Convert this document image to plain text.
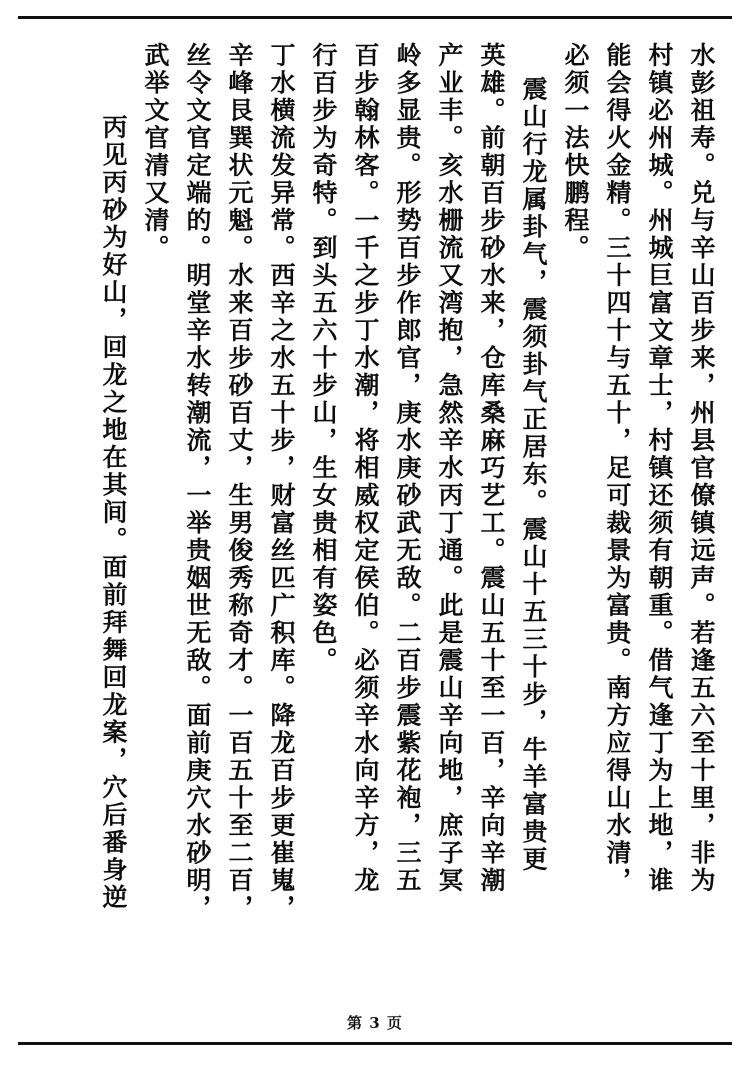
水彭祖寿。兑与辛山百步来，州县官僚镇远声。若逢五六至十里，非为
村镇必州城。州城巨富文章士，村镇还须有朝重。借气逢丁为上地，谁
能会得火金精。三十四十与五十，足可裁景为富贵。南方应得山水清，
必须一法快鹏程。
震山行龙属卦气，震须卦气正居东。震山十五三十步，牛羊富贵更
英雄。前朝百步砂水来，仓库桑麻巧艺工。震山五十至一百，辛向辛潮
产业丰。亥水栅流又湾抱，急然辛水丙丁通。此是震山辛向地，庶子冥
岭多显贵。形势百步作郎官，庚水庚砂武无敌。二百步震紫花袍，三五
百步翰林客。一千之步丁水潮，将相威权定侯伯。必须辛水向辛方，龙
行百步为奇特。到头五六十步山，生女贵相有姿色。
丁水横流发异常。西辛之水五十步，财富丝匹广积库。降龙百步更崔嵬，
辛峰艮巽状元魁。水来百步砂百丈，生男俊秀称奇才。一百五十至二百，
丝令文官定端的。明堂辛水转潮流，一举贵姻世无敌。面前庚穴水砂明，
武举文官清又清。
丙见丙砂为好山，回龙之地在其间。面前拜舞回龙案，穴后番身逆
第 3 页
